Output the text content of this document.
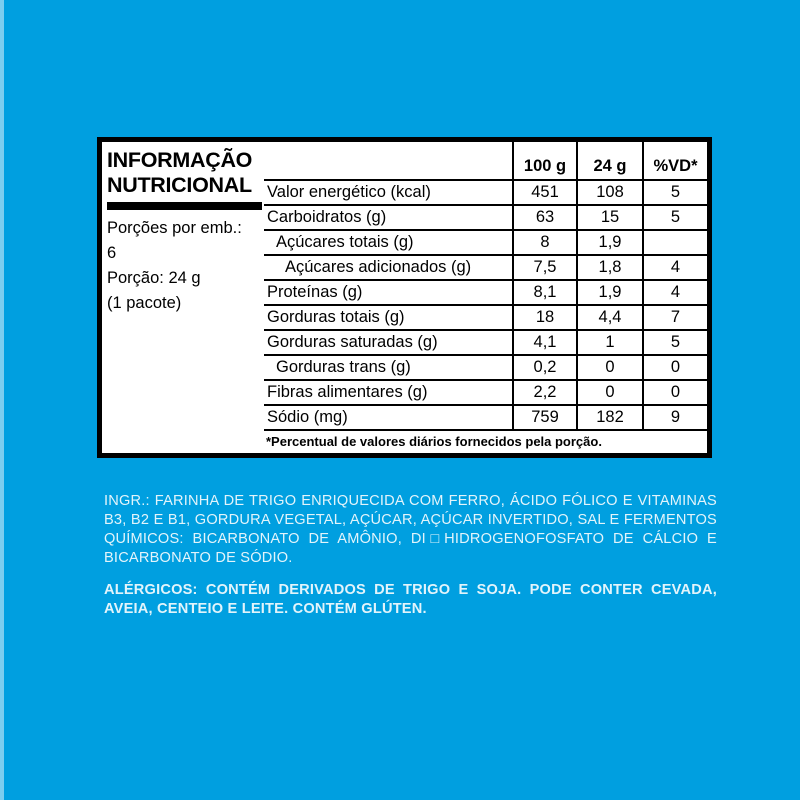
INFORMAÇÃO
NUTRICIONAL
Porções por emb.:
6
Porção: 24 g
(1 pacote)
100 g	24 g	%VD*
Valor energético (kcal)	451	108	5
Carboidratos (g)	63	15	5
Açúcares totais (g)	8	1,9
Açúcares adicionados (g)	7,5	1,8	4
Proteínas (g)	8,1	1,9	4
Gorduras totais (g)	18	4,4	7
Gorduras saturadas (g)	4,1	1	5
Gorduras trans (g)	0,2	0	0
Fibras alimentares (g)	2,2	0	0
Sódio (mg)	759	182	9
*Percentual de valores diários fornecidos pela porção.

INGR.: FARINHA DE TRIGO ENRIQUECIDA COM FERRO, ÁCIDO FÓLICO E VITAMINAS B3, B2 E B1, GORDURA VEGETAL, AÇÚCAR, AÇÚCAR INVERTIDO, SAL E FERMENTOS QUÍMICOS: BICARBONATO DE AMÔNIO, DI□HIDROGENOFOSFATO DE CÁLCIO E BICARBONATO DE SÓDIO.

ALÉRGICOS: CONTÉM DERIVADOS DE TRIGO E SOJA. PODE CONTER CEVADA, AVEIA, CENTEIO E LEITE. CONTÉM GLÚTEN.
